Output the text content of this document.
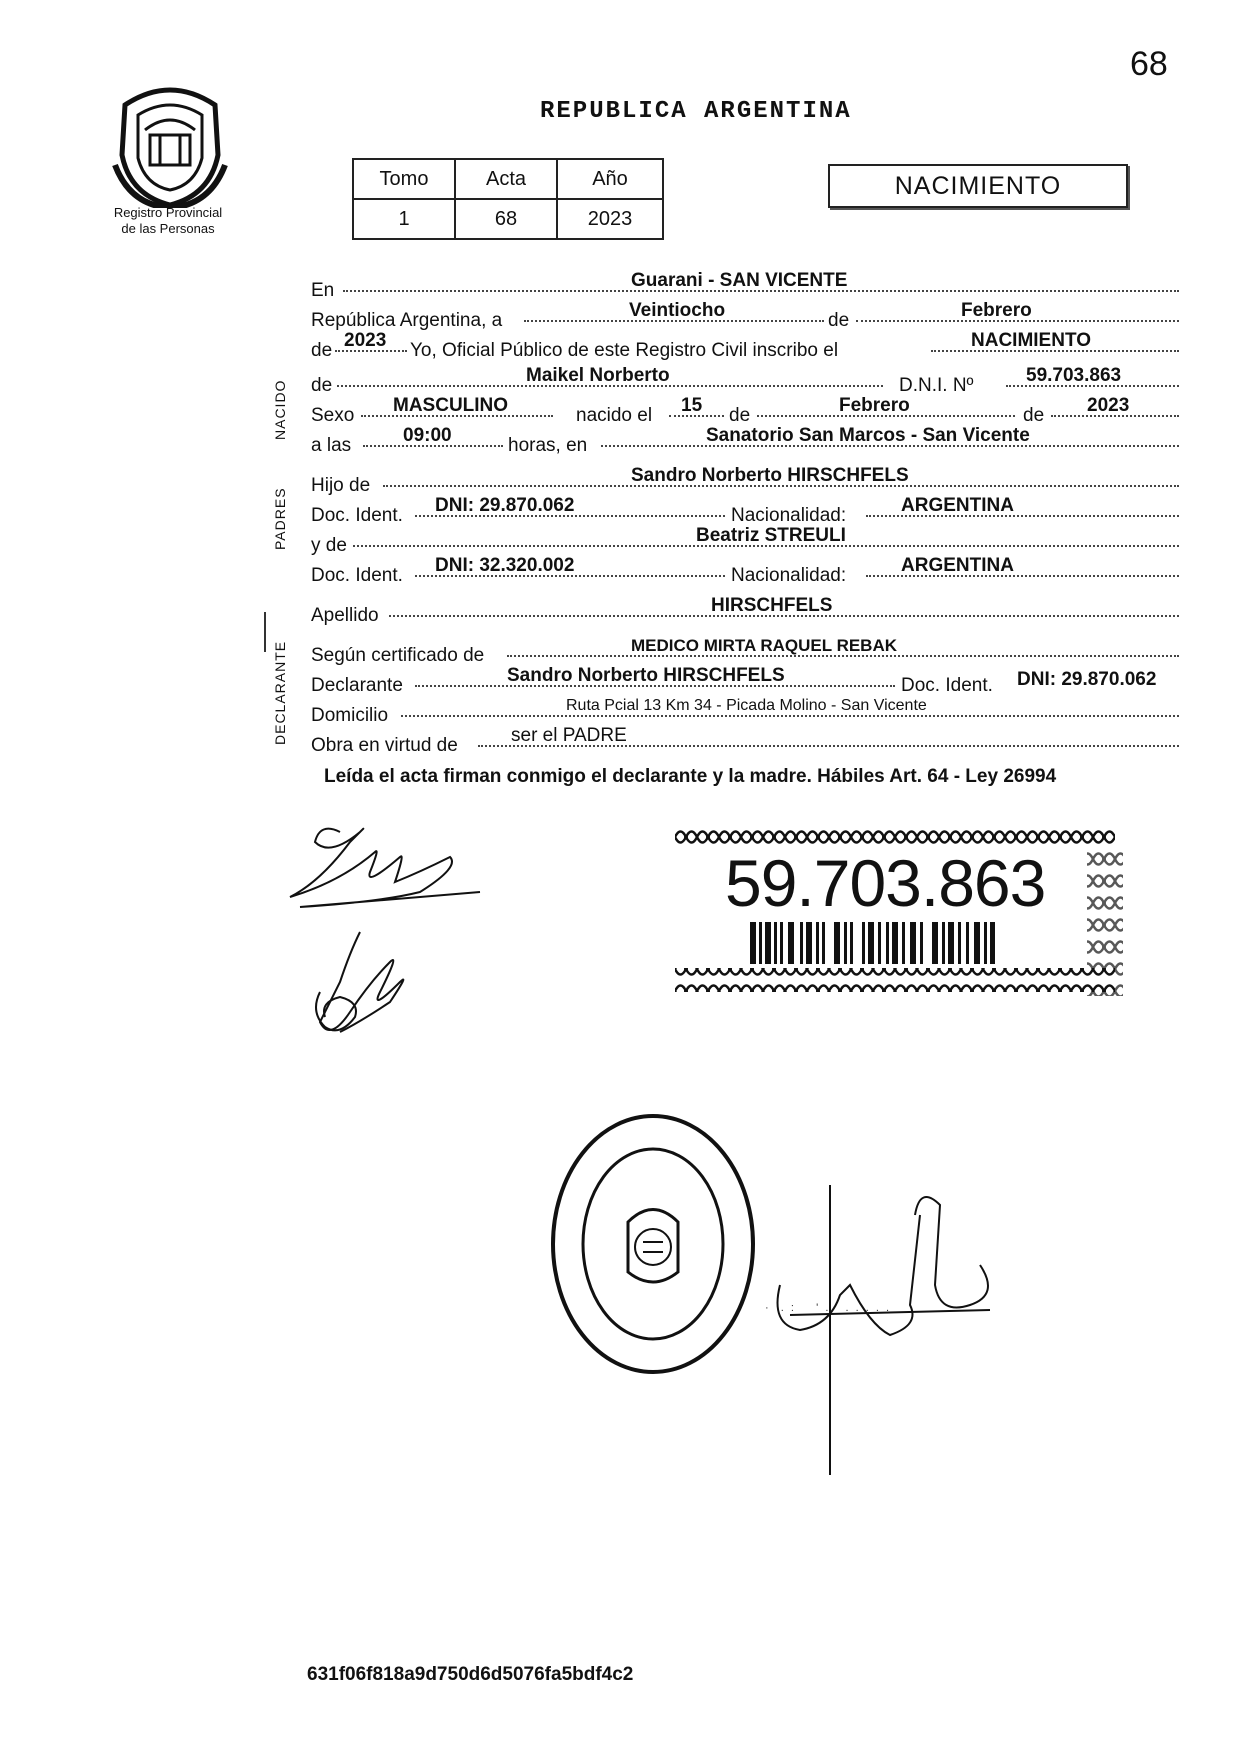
68
REPUBLICA ARGENTINA
Registro Provincial
de las Personas
Tomo	Acta	Año
1	68	2023
NACIMIENTO
NACIDO
PADRES
DECLARANTE
En	Guarani - SAN VICENTE
República Argentina, a	Veintiocho	de	Febrero
de 2023 Yo, Oficial Público de este Registro Civil inscribo el	NACIMIENTO
de	Maikel Norberto	D.N.I. Nº	59.703.863
Sexo MASCULINO	nacido el 15 de	Febrero	de 2023
a las	09:00	horas, en	Sanatorio San Marcos - San Vicente
Hijo de	Sandro Norberto HIRSCHFELS
Doc. Ident. DNI: 29.870.062	Nacionalidad:	ARGENTINA
y de	Beatriz STREULI
Doc. Ident. DNI: 32.320.002	Nacionalidad:	ARGENTINA
Apellido	HIRSCHFELS
Según certificado de	MEDICO MIRTA RAQUEL REBAK
Declarante	Sandro Norberto HIRSCHFELS	Doc. Ident. DNI: 29.870.062
Domicilio	Ruta Pcial 13 Km 34 - Picada Molino - San Vicente
Obra en virtud de	ser el PADRE
Leída el acta firman conmigo el declarante y la madre. Hábiles Art. 64 - Ley 26994
·  . :    ' .   . . . . .
59.703.863
631f06f818a9d750d6d5076fa5bdf4c2
